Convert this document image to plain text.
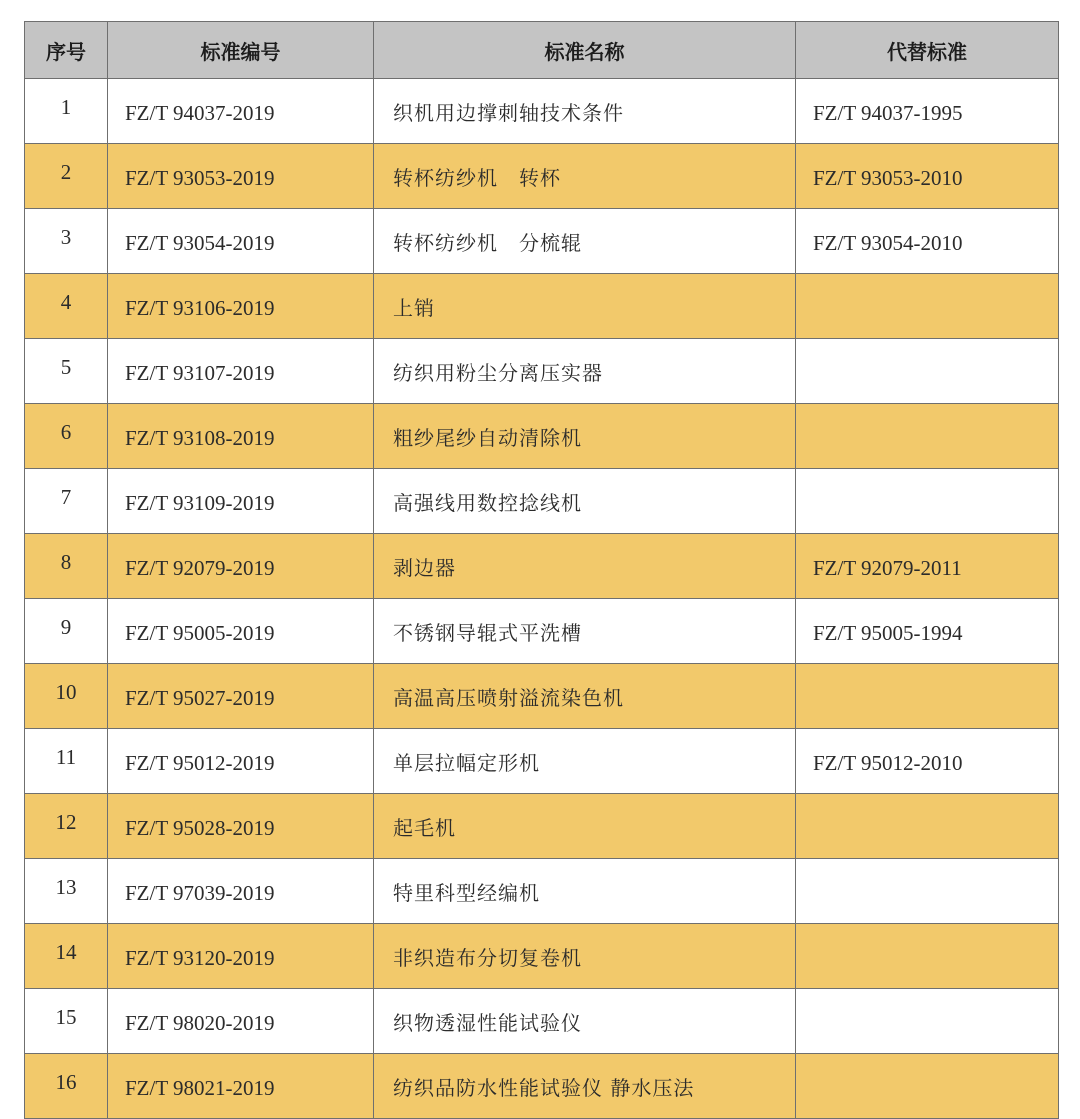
序号	标准编号	标准名称	代替标准
1	FZ/T 94037-2019	织机用边撑刺轴技术条件	FZ/T 94037-1995
2	FZ/T 93053-2019	转杯纺纱机　转杯	FZ/T 93053-2010
3	FZ/T 93054-2019	转杯纺纱机　分梳辊	FZ/T 93054-2010
4	FZ/T 93106-2019	上销	
5	FZ/T 93107-2019	纺织用粉尘分离压实器	
6	FZ/T 93108-2019	粗纱尾纱自动清除机	
7	FZ/T 93109-2019	高强线用数控捻线机	
8	FZ/T 92079-2019	剥边器	FZ/T 92079-2011
9	FZ/T 95005-2019	不锈钢导辊式平洗槽	FZ/T 95005-1994
10	FZ/T 95027-2019	高温高压喷射溢流染色机	
11	FZ/T 95012-2019	单层拉幅定形机	FZ/T 95012-2010
12	FZ/T 95028-2019	起毛机	
13	FZ/T 97039-2019	特里科型经编机	
14	FZ/T 93120-2019	非织造布分切复卷机	
15	FZ/T 98020-2019	织物透湿性能试验仪	
16	FZ/T 98021-2019	纺织品防水性能试验仪 静水压法	
